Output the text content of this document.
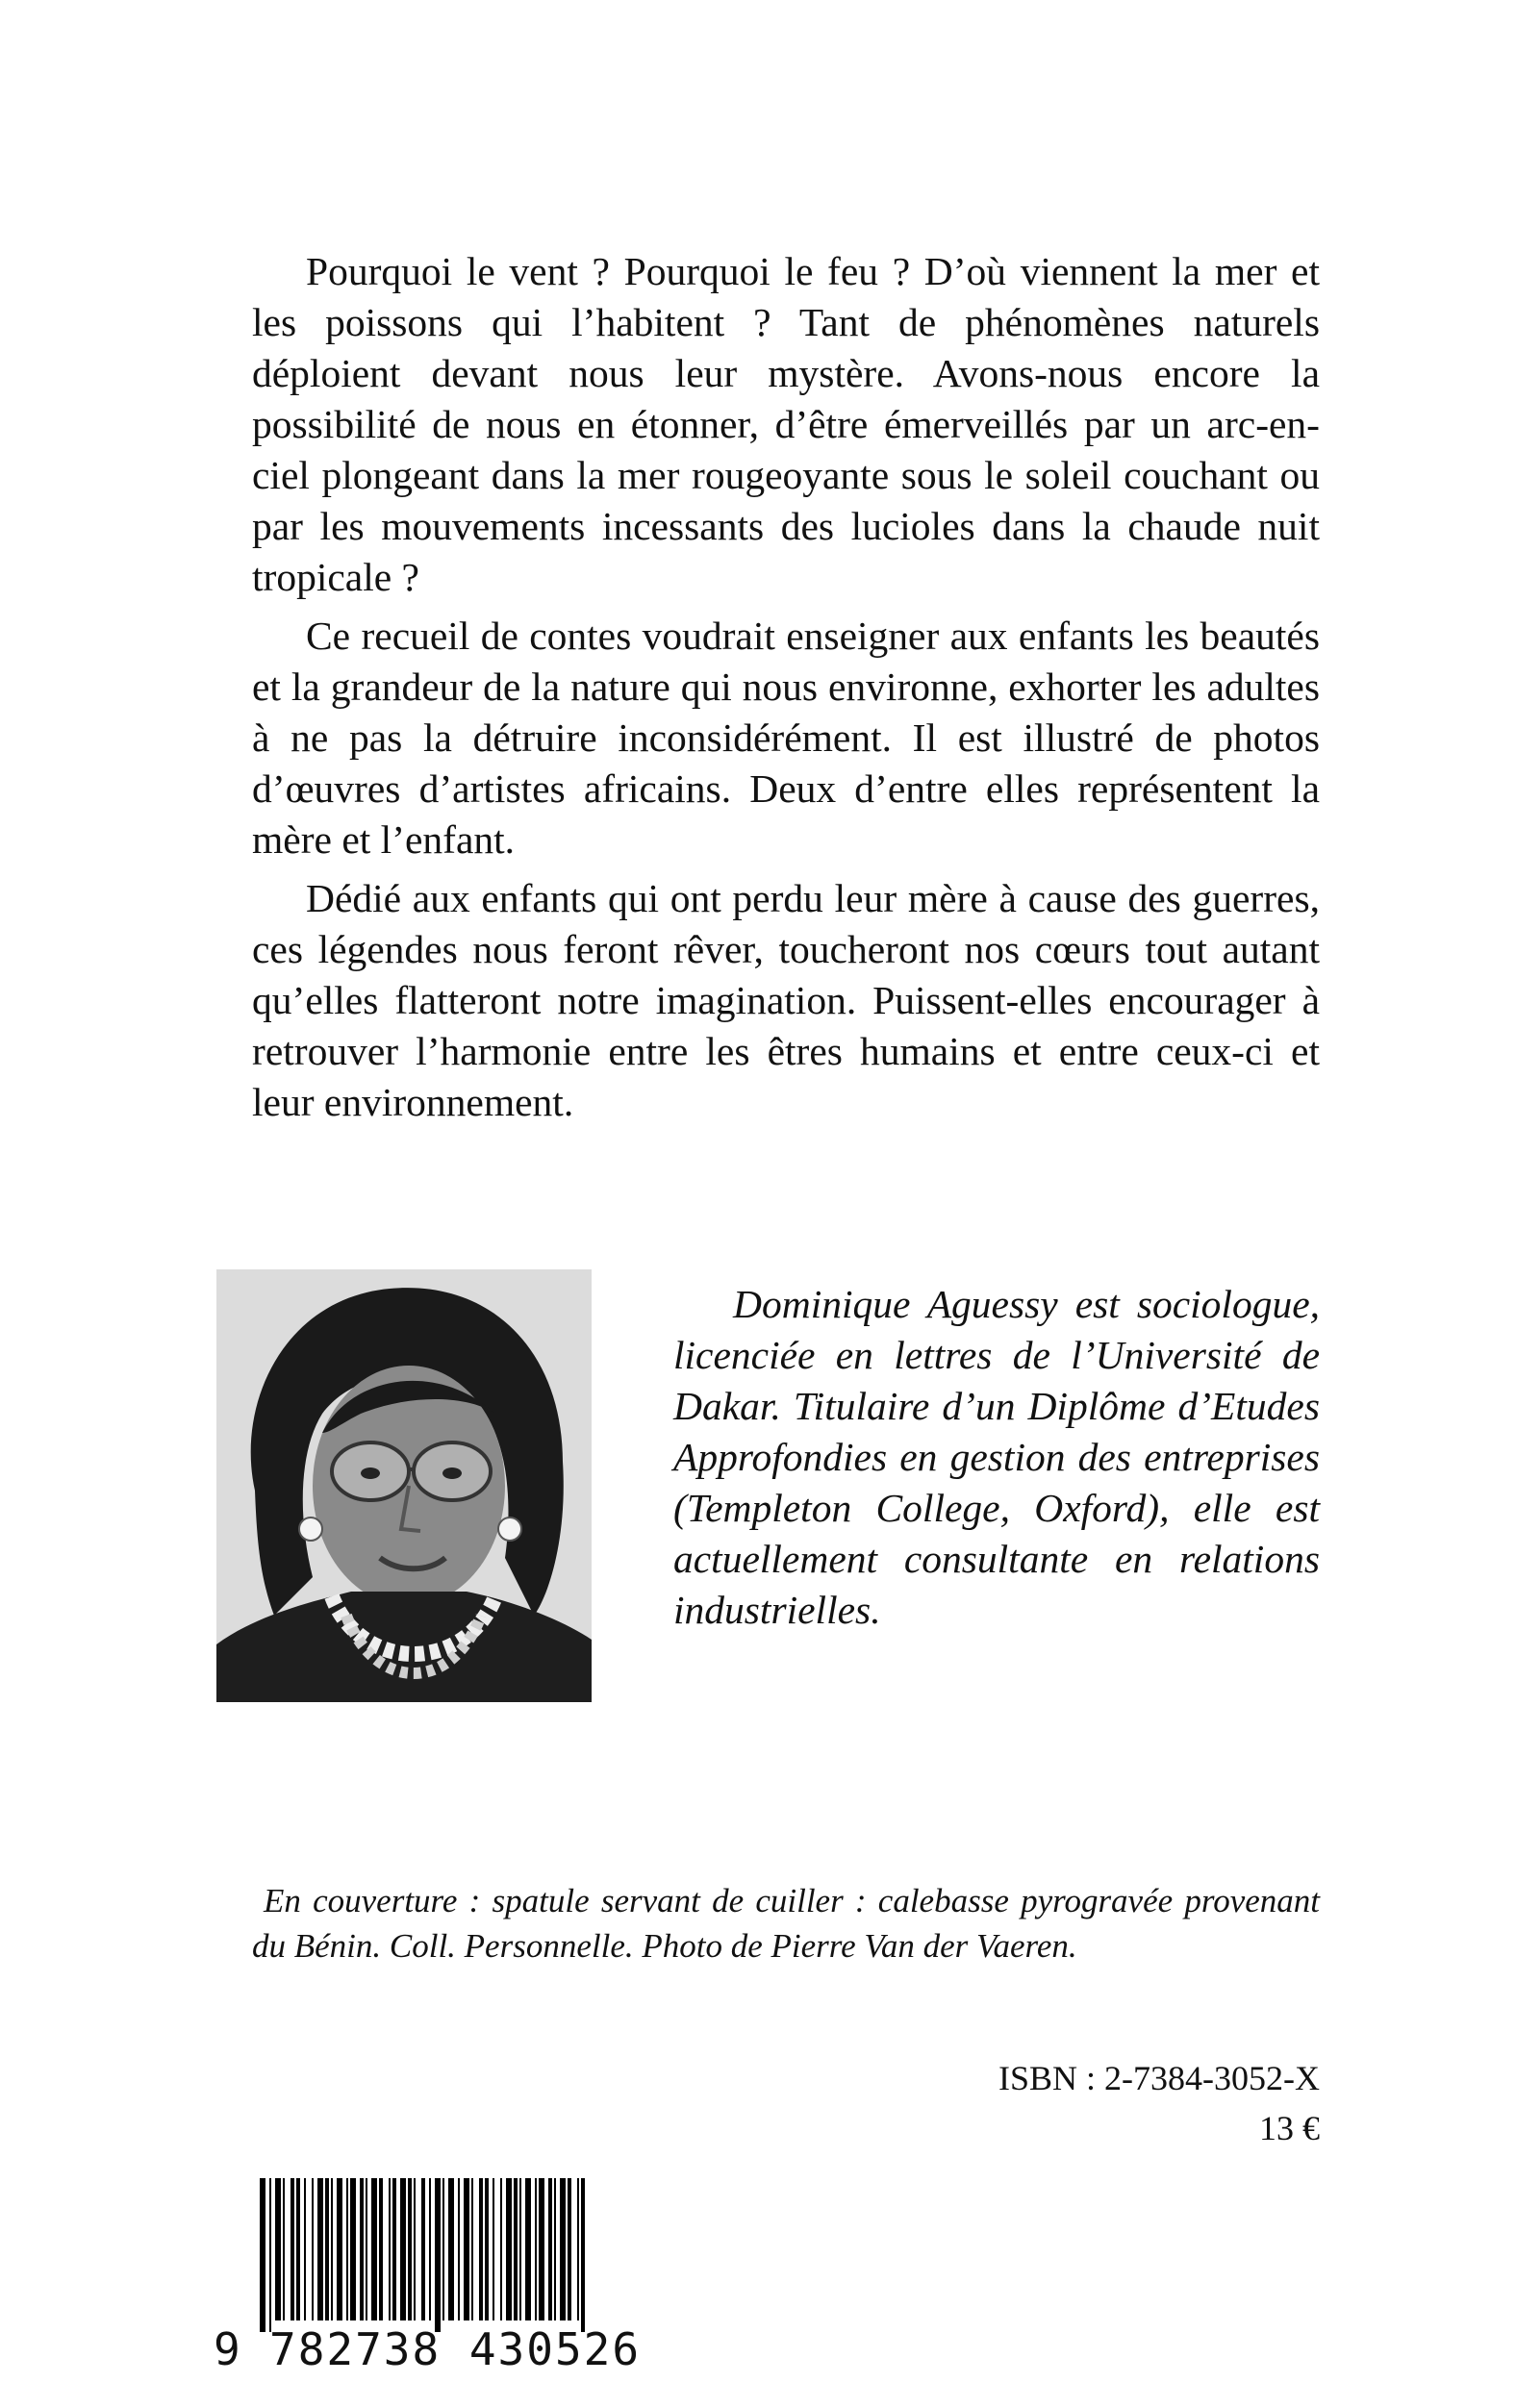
Pourquoi le vent ? Pourquoi le feu ? D’où viennent la mer et les poissons qui l’habitent ? Tant de phénomènes naturels déploient devant nous leur mystère. Avons-nous encore la possibilité de nous en étonner, d’être émerveillés par un arc-en-ciel plongeant dans la mer rougeoyante sous le soleil couchant ou par les mouvements incessants des lucioles dans la chaude nuit tropicale ?

Ce recueil de contes voudrait enseigner aux enfants les beautés et la grandeur de la nature qui nous environne, exhorter les adultes à ne pas la détruire inconsidérément. Il est illustré de photos d’œuvres d’artistes africains. Deux d’entre elles représentent la mère et l’enfant.

Dédié aux enfants qui ont perdu leur mère à cause des guerres, ces légendes nous feront rêver, toucheront nos cœurs tout autant qu’elles flatteront notre imagination. Puissent-elles encourager à retrouver l’harmonie entre les êtres humains et entre ceux-ci et leur environnement.

Dominique Aguessy est sociologue, licenciée en lettres de l’Université de Dakar. Titulaire d’un Diplôme d’Etudes Approfondies en gestion des entreprises (Templeton College, Oxford), elle est actuellement consultante en relations industrielles.

En couverture : spatule servant de cuiller : calebasse pyrogravée provenant du Bénin. Coll. Personnelle. Photo de Pierre Van der Vaeren.

ISBN : 2-7384-3052-X
13 €
9 782738 430526
